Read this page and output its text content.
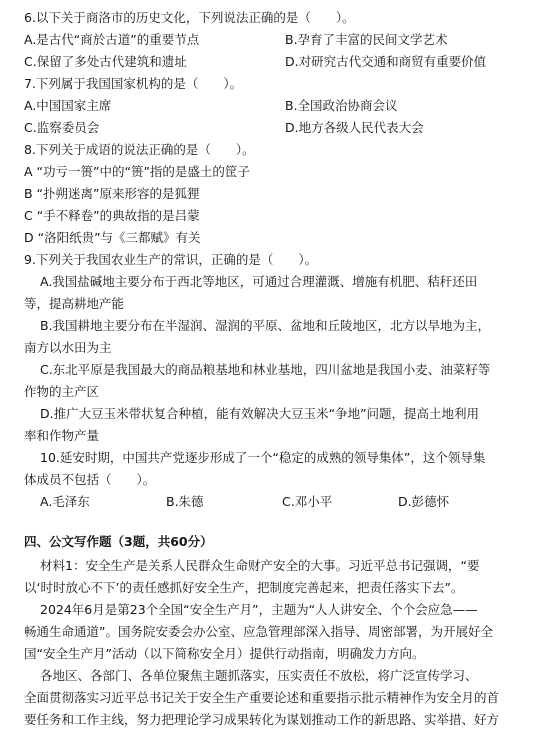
6.以下关于商洛市的历史文化，下列说法正确的是（　　）。
A.是古代“商於古道”的重要节点	B.孕育了丰富的民间文学艺术
C.保留了多处古代建筑和遗址	D.对研究古代交通和商贸有重要价值
7.下列属于我国国家机构的是（　　）。
A.中国国家主席	B.全国政治协商会议
C.监察委员会	D.地方各级人民代表大会
8.下列关于成语的说法正确的是（　　）。
A “功亏一篑”中的“篑”指的是盛土的筐子
B “扑朔迷离”原来形容的是狐狸
C “手不释卷”的典故指的是吕蒙
D “洛阳纸贵”与《三都赋》有关
9.下列关于我国农业生产的常识，正确的是（　　）。
A.我国盐碱地主要分布于西北等地区，可通过合理灌溉、增施有机肥、秸秆还田
等，提高耕地产能
B.我国耕地主要分布在半湿润、湿润的平原、盆地和丘陵地区，北方以旱地为主，
南方以水田为主
C.东北平原是我国最大的商品粮基地和林业基地，四川盆地是我国小麦、油菜籽等
作物的主产区
D.推广大豆玉米带状复合种植，能有效解决大豆玉米“争地”问题，提高土地利用
率和作物产量
10.延安时期，中国共产党逐步形成了一个“稳定的成熟的领导集体”，这个领导集
体成员不包括（　　）。
A.毛泽东	B.朱德	C.邓小平	D.彭德怀
四、公文写作题（3题，共60分）
材料1：安全生产是关系人民群众生命财产安全的大事。习近平总书记强调，“要
以‘时时放心不下’的责任感抓好安全生产，把制度完善起来，把责任落实下去”。
2024年6月是第23个全国“安全生产月”，主题为“人人讲安全、个个会应急——
畅通生命通道”。国务院安委会办公室、应急管理部深入指导、周密部署，为开展好全
国“安全生产月”活动（以下简称安全月）提供行动指南，明确发力方向。
各地区、各部门、各单位聚焦主题抓落实，压实责任不放松，将广泛宣传学习、
全面贯彻落实习近平总书记关于安全生产重要论述和重要指示批示精神作为安全月的首
要任务和工作主线，努力把理论学习成果转化为谋划推动工作的新思路、实举措、好方
